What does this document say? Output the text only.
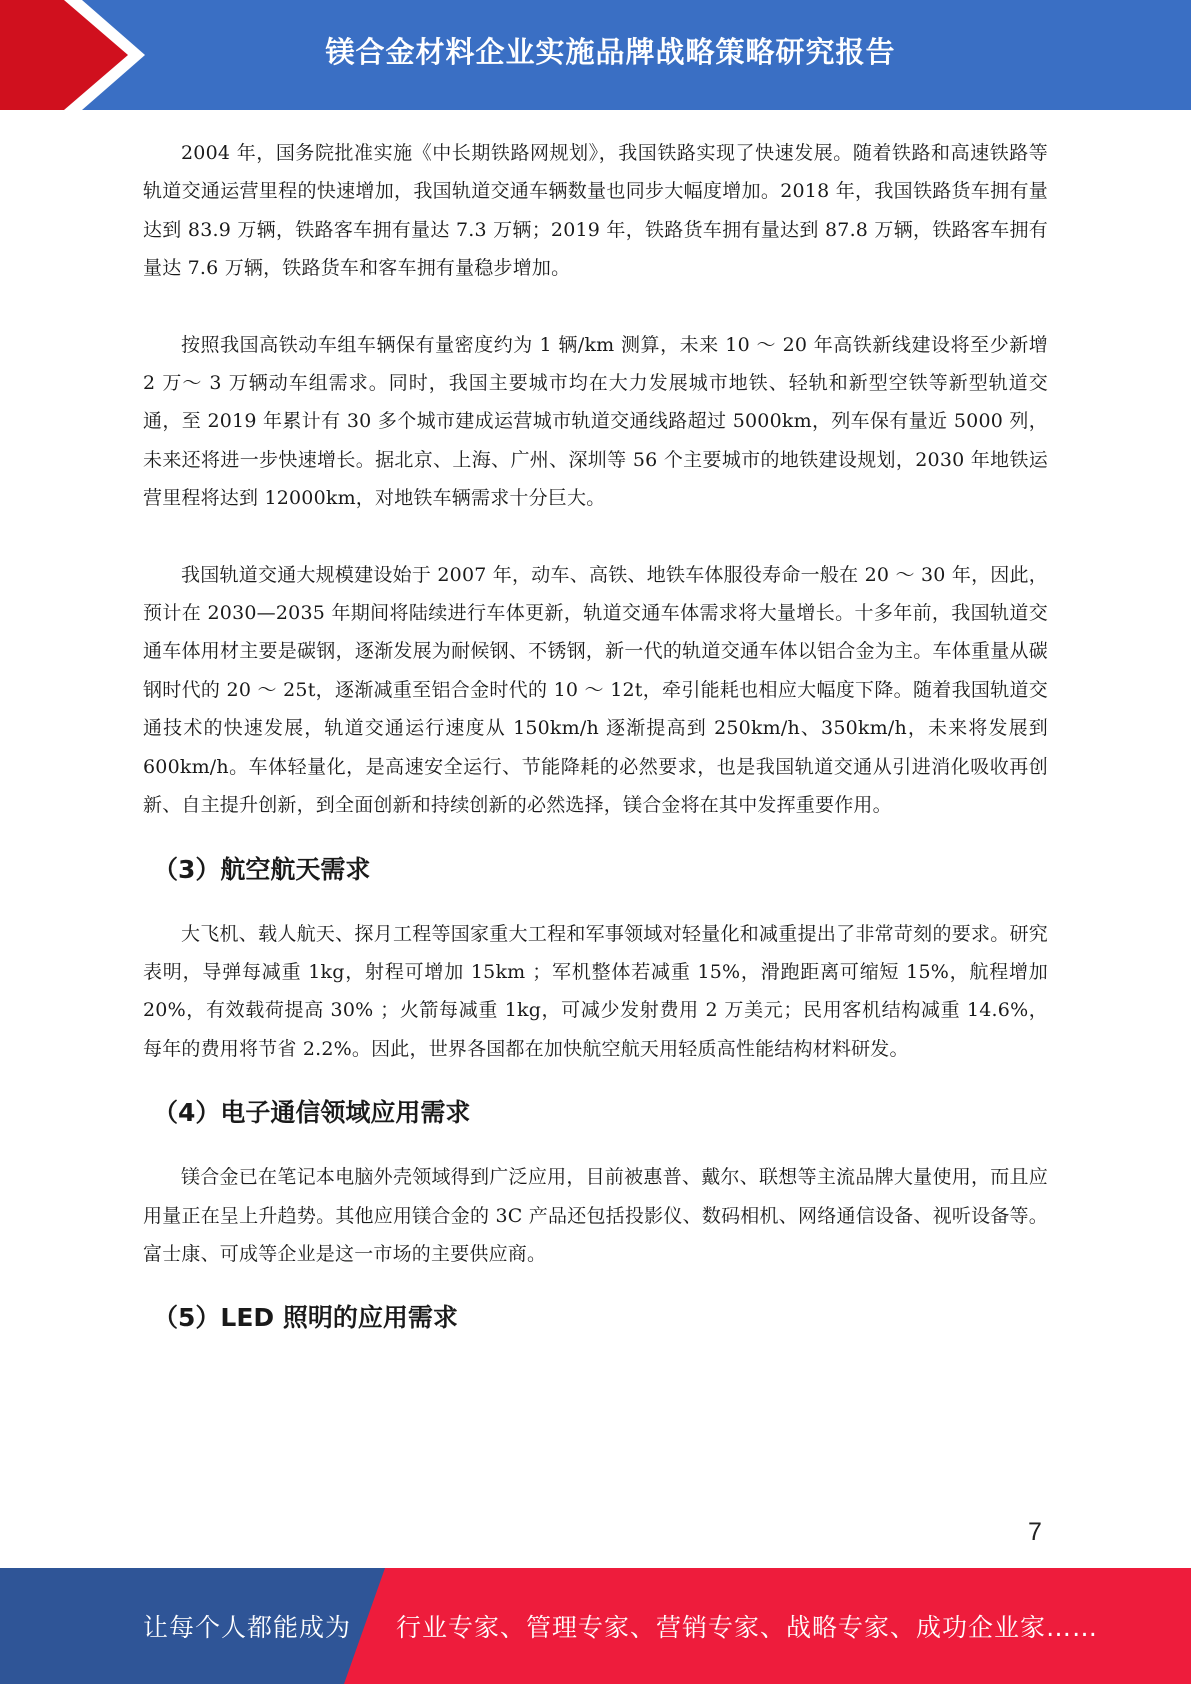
镁合金材料企业实施品牌战略策略研究报告

2004 年，国务院批准实施《中长期铁路网规划》，我国铁路实现了快速发展。随着铁路和高速铁路等轨道交通运营里程的快速增加，我国轨道交通车辆数量也同步大幅度增加。2018 年，我国铁路货车拥有量达到 83.9 万辆，铁路客车拥有量达 7.3 万辆；2019 年，铁路货车拥有量达到 87.8 万辆，铁路客车拥有量达 7.6 万辆，铁路货车和客车拥有量稳步增加。

按照我国高铁动车组车辆保有量密度约为 1 辆/km 测算，未来 10 ～ 20 年高铁新线建设将至少新增 2 万～ 3 万辆动车组需求。同时，我国主要城市均在大力发展城市地铁、轻轨和新型空铁等新型轨道交通，至 2019 年累计有 30 多个城市建成运营城市轨道交通线路超过 5000km，列车保有量近 5000 列，未来还将进一步快速增长。据北京、上海、广州、深圳等 56 个主要城市的地铁建设规划，2030 年地铁运营里程将达到 12000km，对地铁车辆需求十分巨大。

我国轨道交通大规模建设始于 2007 年，动车、高铁、地铁车体服役寿命一般在 20 ～ 30 年，因此，预计在 2030—2035 年期间将陆续进行车体更新，轨道交通车体需求将大量增长。十多年前，我国轨道交通车体用材主要是碳钢，逐渐发展为耐候钢、不锈钢，新一代的轨道交通车体以铝合金为主。车体重量从碳钢时代的 20 ～ 25t，逐渐减重至铝合金时代的 10 ～ 12t，牵引能耗也相应大幅度下降。随着我国轨道交通技术的快速发展，轨道交通运行速度从 150km/h 逐渐提高到 250km/h、350km/h，未来将发展到 600km/h。车体轻量化，是高速安全运行、节能降耗的必然要求，也是我国轨道交通从引进消化吸收再创新、自主提升创新，到全面创新和持续创新的必然选择，镁合金将在其中发挥重要作用。

（3）航空航天需求

大飞机、载人航天、探月工程等国家重大工程和军事领域对轻量化和减重提出了非常苛刻的要求。研究表明，导弹每减重 1kg，射程可增加 15km ；军机整体若减重 15%，滑跑距离可缩短 15%，航程增加 20%，有效载荷提高 30% ；火箭每减重 1kg，可减少发射费用 2 万美元；民用客机结构减重 14.6%，每年的费用将节省 2.2%。因此，世界各国都在加快航空航天用轻质高性能结构材料研发。

（4）电子通信领域应用需求

镁合金已在笔记本电脑外壳领域得到广泛应用，目前被惠普、戴尔、联想等主流品牌大量使用，而且应用量正在呈上升趋势。其他应用镁合金的 3C 产品还包括投影仪、数码相机、网络通信设备、视听设备等。富士康、可成等企业是这一市场的主要供应商。

（5）LED 照明的应用需求
7
让每个人都能成为 行业专家、管理专家、营销专家、战略专家、成功企业家……
